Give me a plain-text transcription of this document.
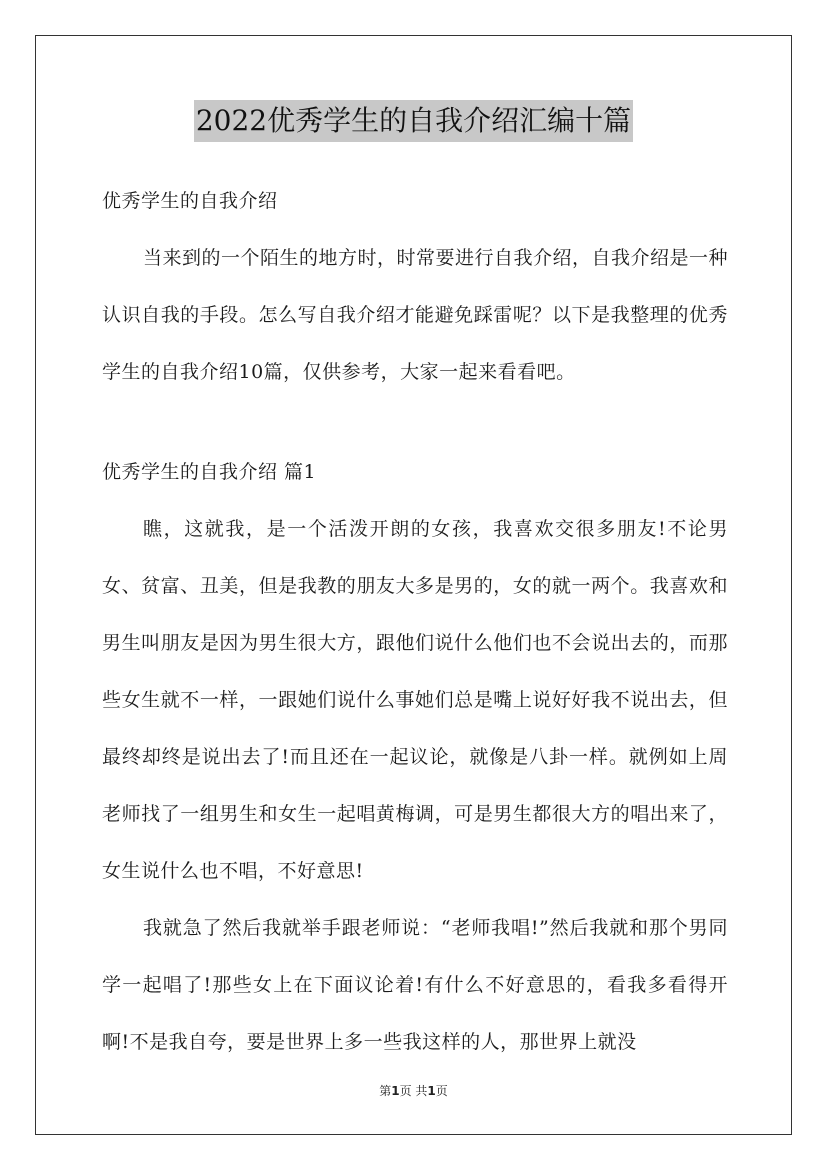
2022优秀学生的自我介绍汇编十篇

优秀学生的自我介绍

当来到的一个陌生的地方时，时常要进行自我介绍，自我介绍是一种认识自我的手段。怎么写自我介绍才能避免踩雷呢？以下是我整理的优秀学生的自我介绍10篇，仅供参考，大家一起来看看吧。

优秀学生的自我介绍 篇1

瞧，这就我，是一个活泼开朗的女孩，我喜欢交很多朋友!不论男女、贫富、丑美，但是我教的朋友大多是男的，女的就一两个。我喜欢和男生叫朋友是因为男生很大方，跟他们说什么他们也不会说出去的，而那些女生就不一样，一跟她们说什么事她们总是嘴上说好好我不说出去，但最终却终是说出去了!而且还在一起议论，就像是八卦一样。就例如上周老师找了一组男生和女生一起唱黄梅调，可是男生都很大方的唱出来了，女生说什么也不唱，不好意思!

我就急了然后我就举手跟老师说：“老师我唱!”然后我就和那个男同学一起唱了!那些女上在下面议论着!有什么不好意思的，看我多看得开啊!不是我自夸，要是世界上多一些我这样的人，那世界上就没

第1页 共1页
